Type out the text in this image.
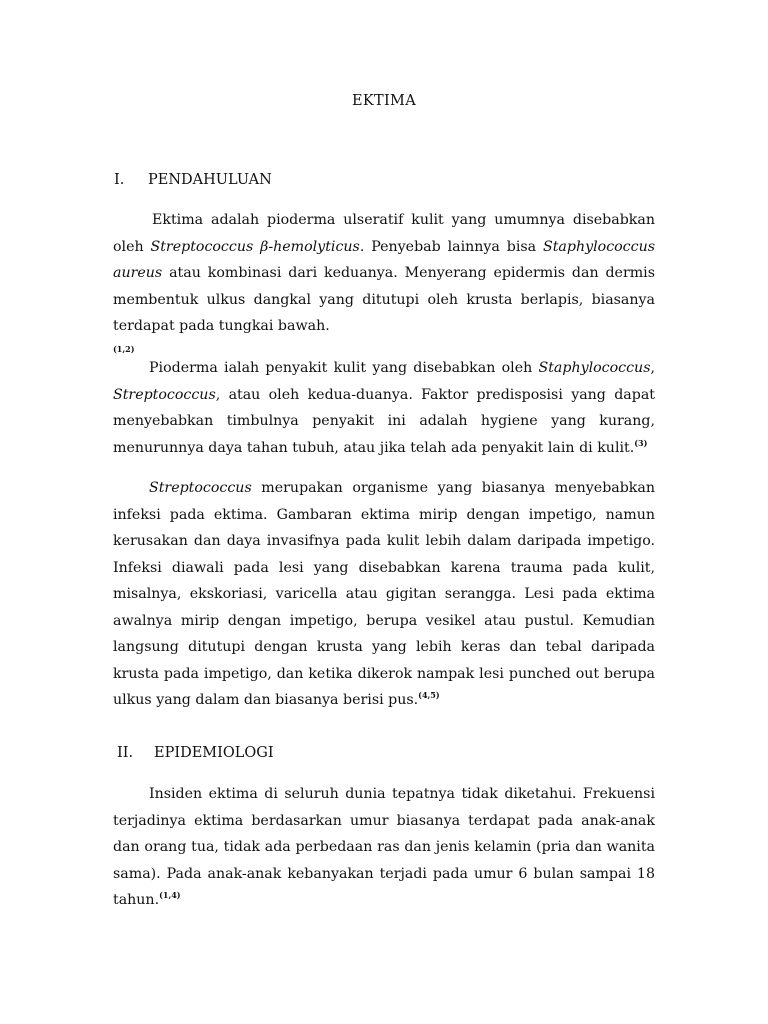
EKTIMA
I. PENDAHULUAN

Ektima adalah pioderma ulseratif kulit yang umumnya disebabkan oleh Streptococcus β-hemolyticus. Penyebab lainnya bisa Staphylococcus aureus atau kombinasi dari keduanya. Menyerang epidermis dan dermis membentuk ulkus dangkal yang ditutupi oleh krusta berlapis, biasanya terdapat pada tungkai bawah.
(1,2)

Pioderma ialah penyakit kulit yang disebabkan oleh Staphylococcus, Streptococcus, atau oleh kedua-duanya. Faktor predisposisi yang dapat menyebabkan timbulnya penyakit ini adalah hygiene yang kurang, menurunnya daya tahan tubuh, atau jika telah ada penyakit lain di kulit.$^{(3)}$

Streptococcus merupakan organisme yang biasanya menyebabkan infeksi pada ektima. Gambaran ektima mirip dengan impetigo, namun kerusakan dan daya invasifnya pada kulit lebih dalam daripada impetigo. Infeksi diawali pada lesi yang disebabkan karena trauma pada kulit, misalnya, ekskoriasi, varicella atau gigitan serangga. Lesi pada ektima awalnya mirip dengan impetigo, berupa vesikel atau pustul. Kemudian langsung ditutupi dengan krusta yang lebih keras dan tebal daripada krusta pada impetigo, dan ketika dikerok nampak lesi punched out berupa ulkus yang dalam dan biasanya berisi pus.$^{(4,5)}$

II. EPIDEMIOLOGI

Insiden ektima di seluruh dunia tepatnya tidak diketahui. Frekuensi terjadinya ektima berdasarkan umur biasanya terdapat pada anak-anak dan orang tua, tidak ada perbedaan ras dan jenis kelamin (pria dan wanita sama). Pada anak-anak kebanyakan terjadi pada umur 6 bulan sampai 18 tahun.$^{(1,4)}$
